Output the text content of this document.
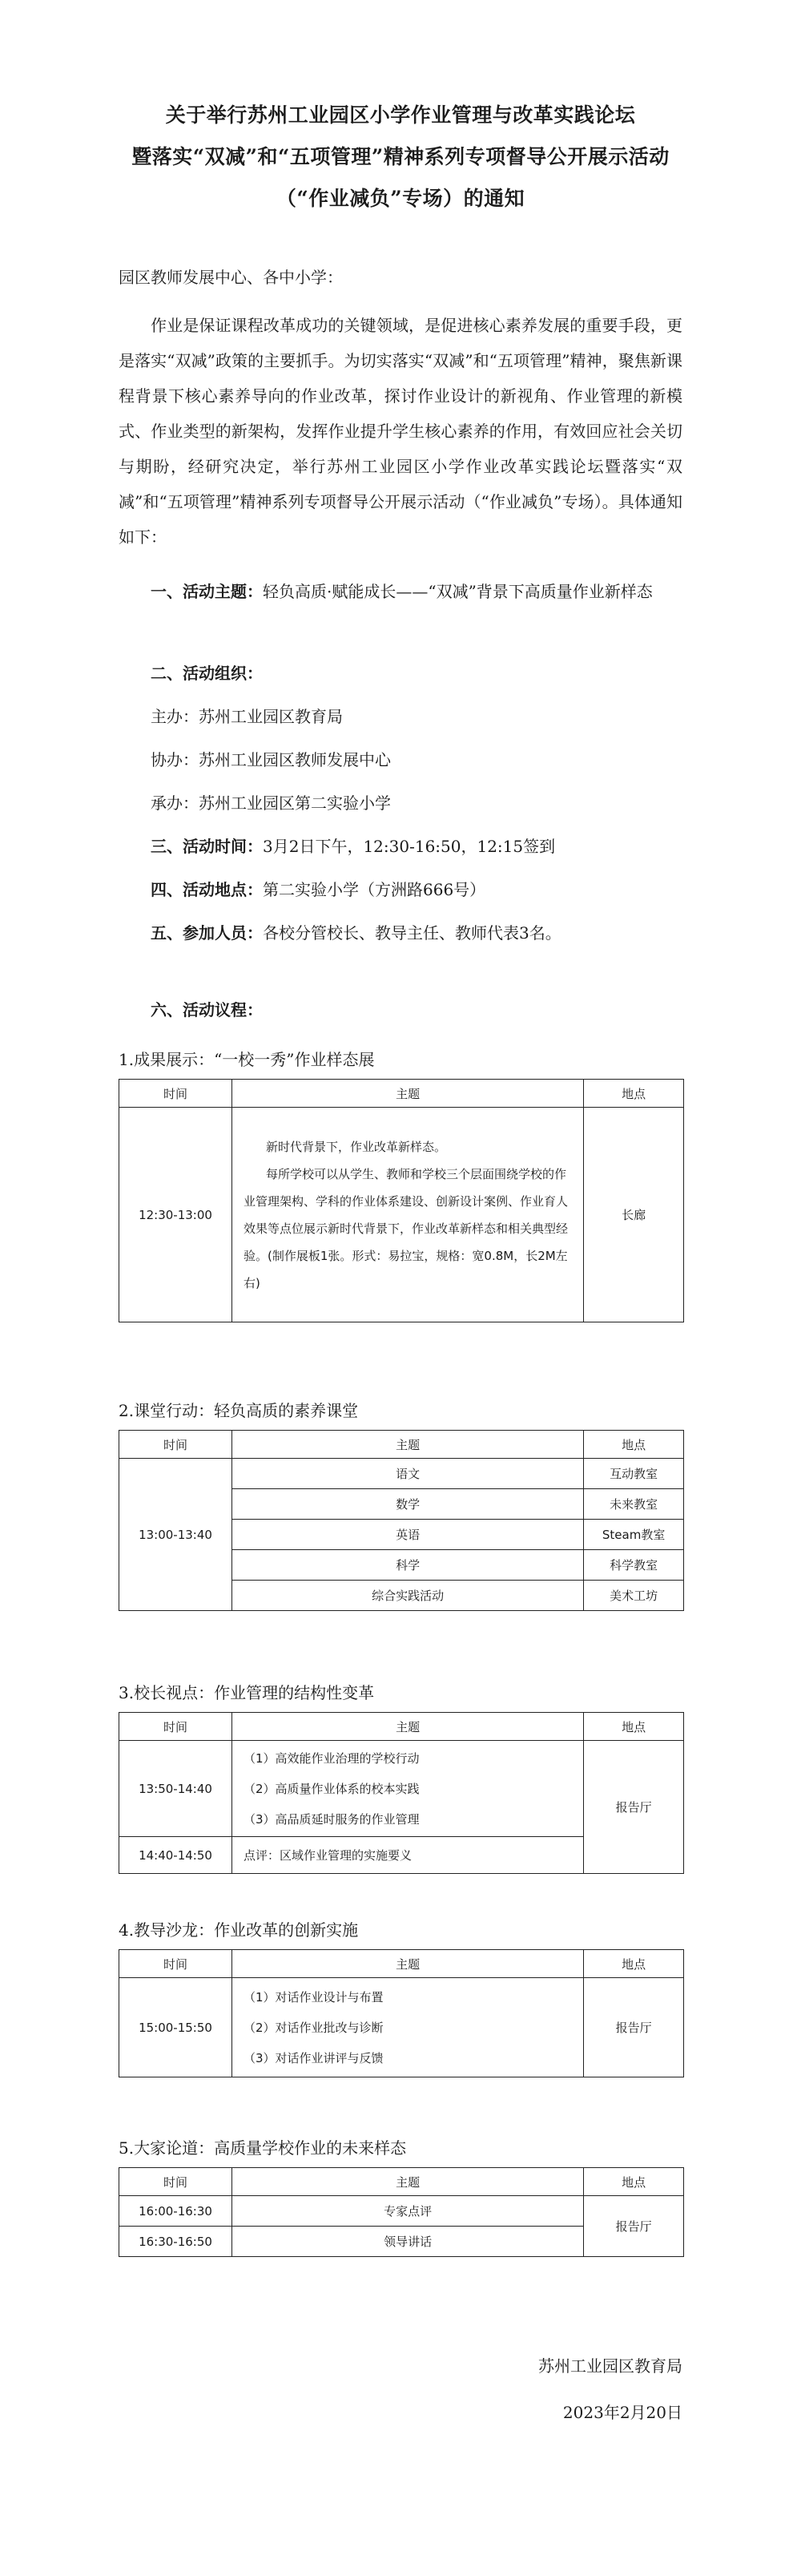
关于举行苏州工业园区小学作业管理与改革实践论坛
暨落实“双减”和“五项管理”精神系列专项督导公开展示活动
（“作业减负”专场）的通知
园区教师发展中心、各中小学：
作业是保证课程改革成功的关键领域，是促进核心素养发展的重要手段，更是落实“双减”政策的主要抓手。为切实落实“双减”和“五项管理”精神，聚焦新课程背景下核心素养导向的作业改革，探讨作业设计的新视角、作业管理的新模式、作业类型的新架构，发挥作业提升学生核心素养的作用，有效回应社会关切与期盼，经研究决定，举行苏州工业园区小学作业改革实践论坛暨落实“双减”和“五项管理”精神系列专项督导公开展示活动（“作业减负”专场）。具体通知如下：
一、活动主题：轻负高质·赋能成长——“双减”背景下高质量作业新样态
二、活动组织：
主办：苏州工业园区教育局
协办：苏州工业园区教师发展中心
承办：苏州工业园区第二实验小学
三、活动时间：3月2日下午，12:30-16:50，12:15签到
四、活动地点：第二实验小学（方洲路666号）
五、参加人员：各校分管校长、教导主任、教师代表3名。
六、活动议程：
1.成果展示：“一校一秀”作业样态展
时间	主题	地点
12:30-13:00	新时代背景下，作业改革新样态。
每所学校可以从学生、教师和学校三个层面围绕学校的作业管理架构、学科的作业体系建设、创新设计案例、作业育人效果等点位展示新时代背景下，作业改革新样态和相关典型经验。(制作展板1张。形式：易拉宝，规格：宽0.8M，长2M左右)	长廊
2.课堂行动：轻负高质的素养课堂
时间	主题	地点
13:00-13:40	语文	互动教室
	数学	未来教室
	英语	Steam教室
	科学	科学教室
	综合实践活动	美术工坊
3.校长视点：作业管理的结构性变革
时间	主题	地点
13:50-14:40	（1）高效能作业治理的学校行动
（2）高质量作业体系的校本实践
（3）高品质延时服务的作业管理	报告厅
14:40-14:50	点评：区域作业管理的实施要义	
4.教导沙龙：作业改革的创新实施
时间	主题	地点
15:00-15:50	（1）对话作业设计与布置
（2）对话作业批改与诊断
（3）对话作业讲评与反馈	报告厅
5.大家论道：高质量学校作业的未来样态
时间	主题	地点
16:00-16:30	专家点评	报告厅
16:30-16:50	领导讲话	
苏州工业园区教育局
2023年2月20日
